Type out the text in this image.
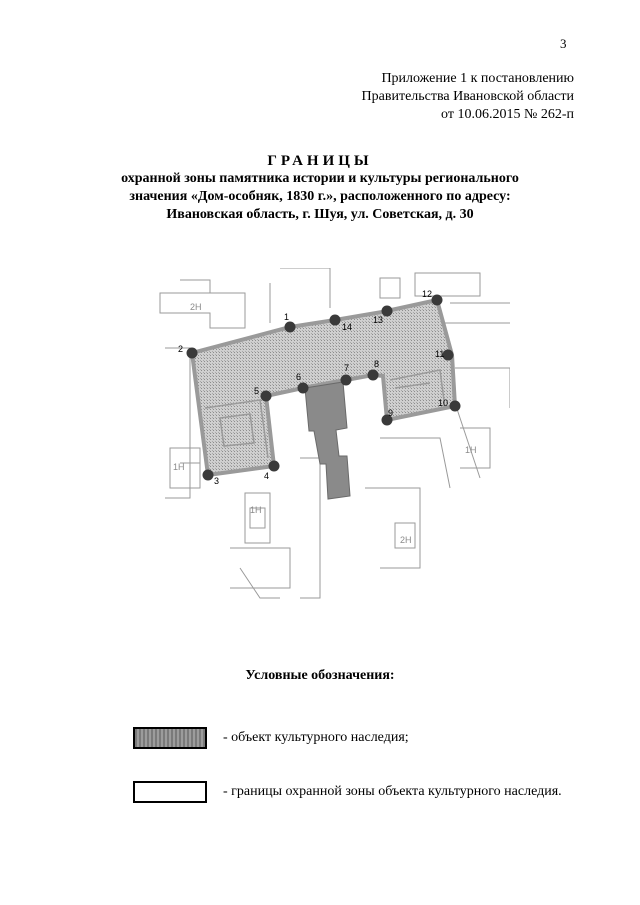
3
Приложение 1 к постановлению
Правительства Ивановской области
от 10.06.2015 № 262-п
ГРАНИЦЫ
охранной зоны памятника истории и культуры регионального
значения «Дом-особняк, 1830 г.», расположенного по адресу:
Ивановская область, г. Шуя, ул. Советская, д. 30
2Н
1Н
1Н
2Н
1Н
1
2
3	4
5
6
7	8
9
10
11
12
13
14
Условные обозначения:
- объект культурного наследия;
- границы охранной зоны объекта культурного наследия.
